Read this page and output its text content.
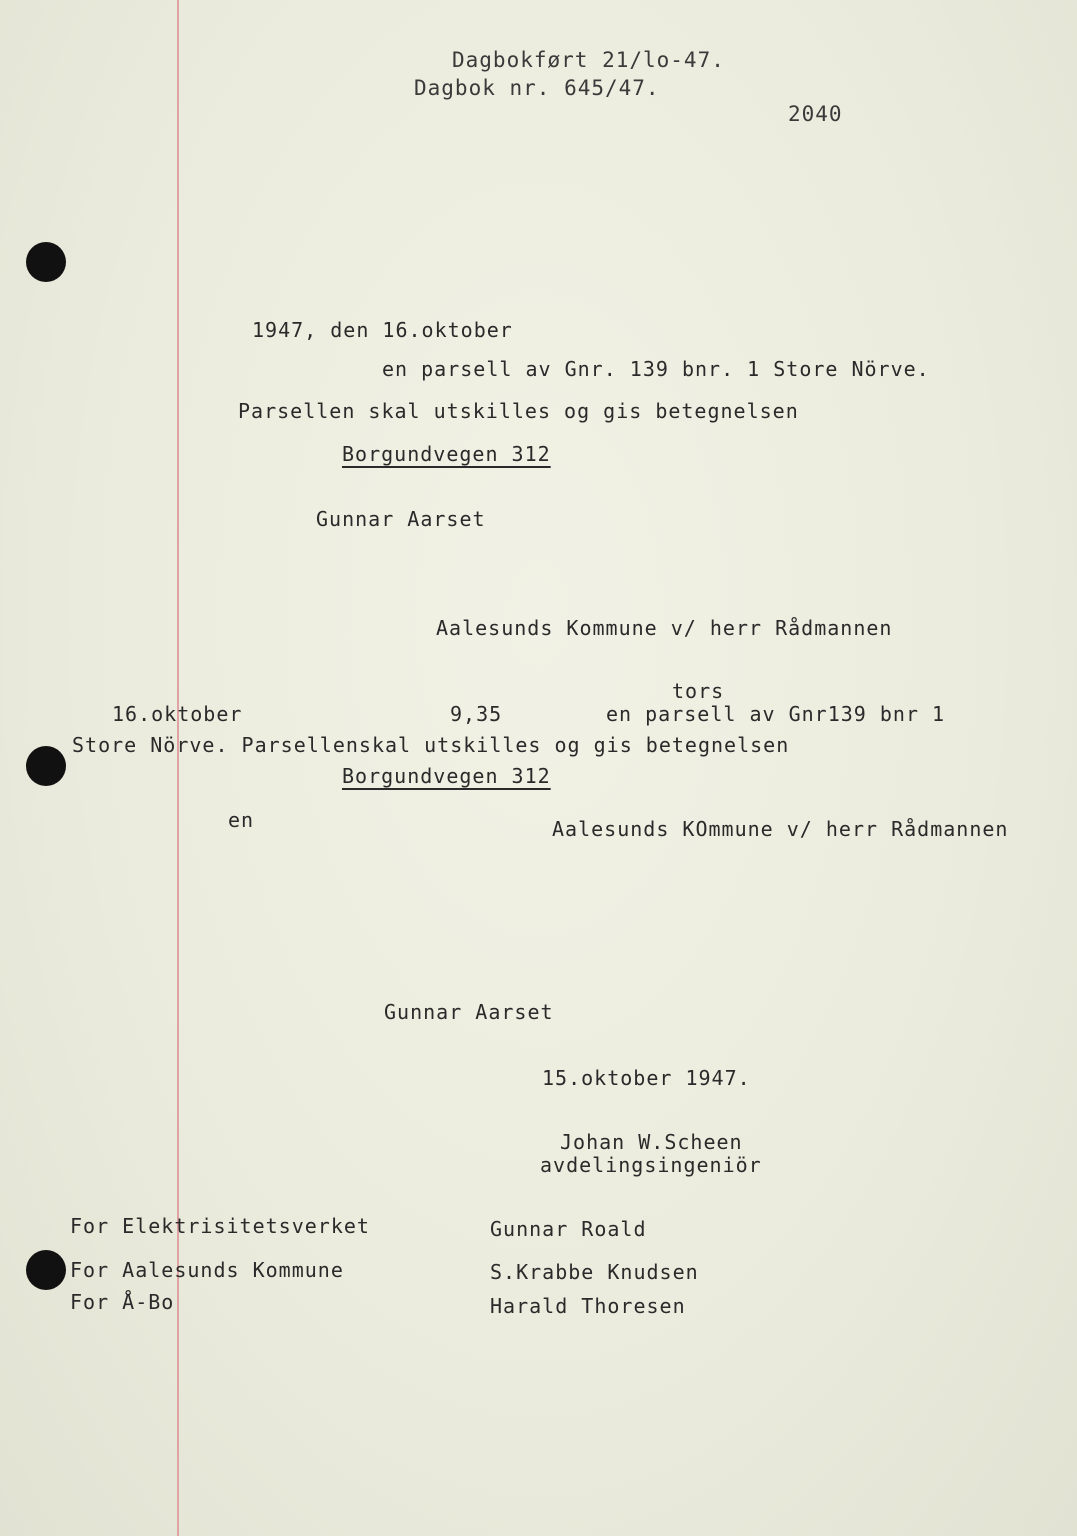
Dagbokført 21/lo-47.
Dagbok nr. 645/47.
2040
1947, den 16.oktober
en parsell av Gnr. 139 bnr. 1 Store Nörve.
Parsellen skal utskilles og gis betegnelsen
Borgundvegen 312
Gunnar Aarset
Aalesunds Kommune v/ herr Rådmannen
tors
16.oktober	9,35	en parsell av Gnr139 bnr 1
Store Nörve. Parsellenskal utskilles og gis betegnelsen
Borgundvegen 312
en	Aalesunds KOmmune v/ herr Rådmannen
Gunnar Aarset
15.oktober 1947.
Johan W.Scheen
avdelingsingeniör
For Elektrisitetsverket	Gunnar Roald
For Aalesunds Kommune	S.Krabbe Knudsen
For Å-Bo	Harald Thoresen
